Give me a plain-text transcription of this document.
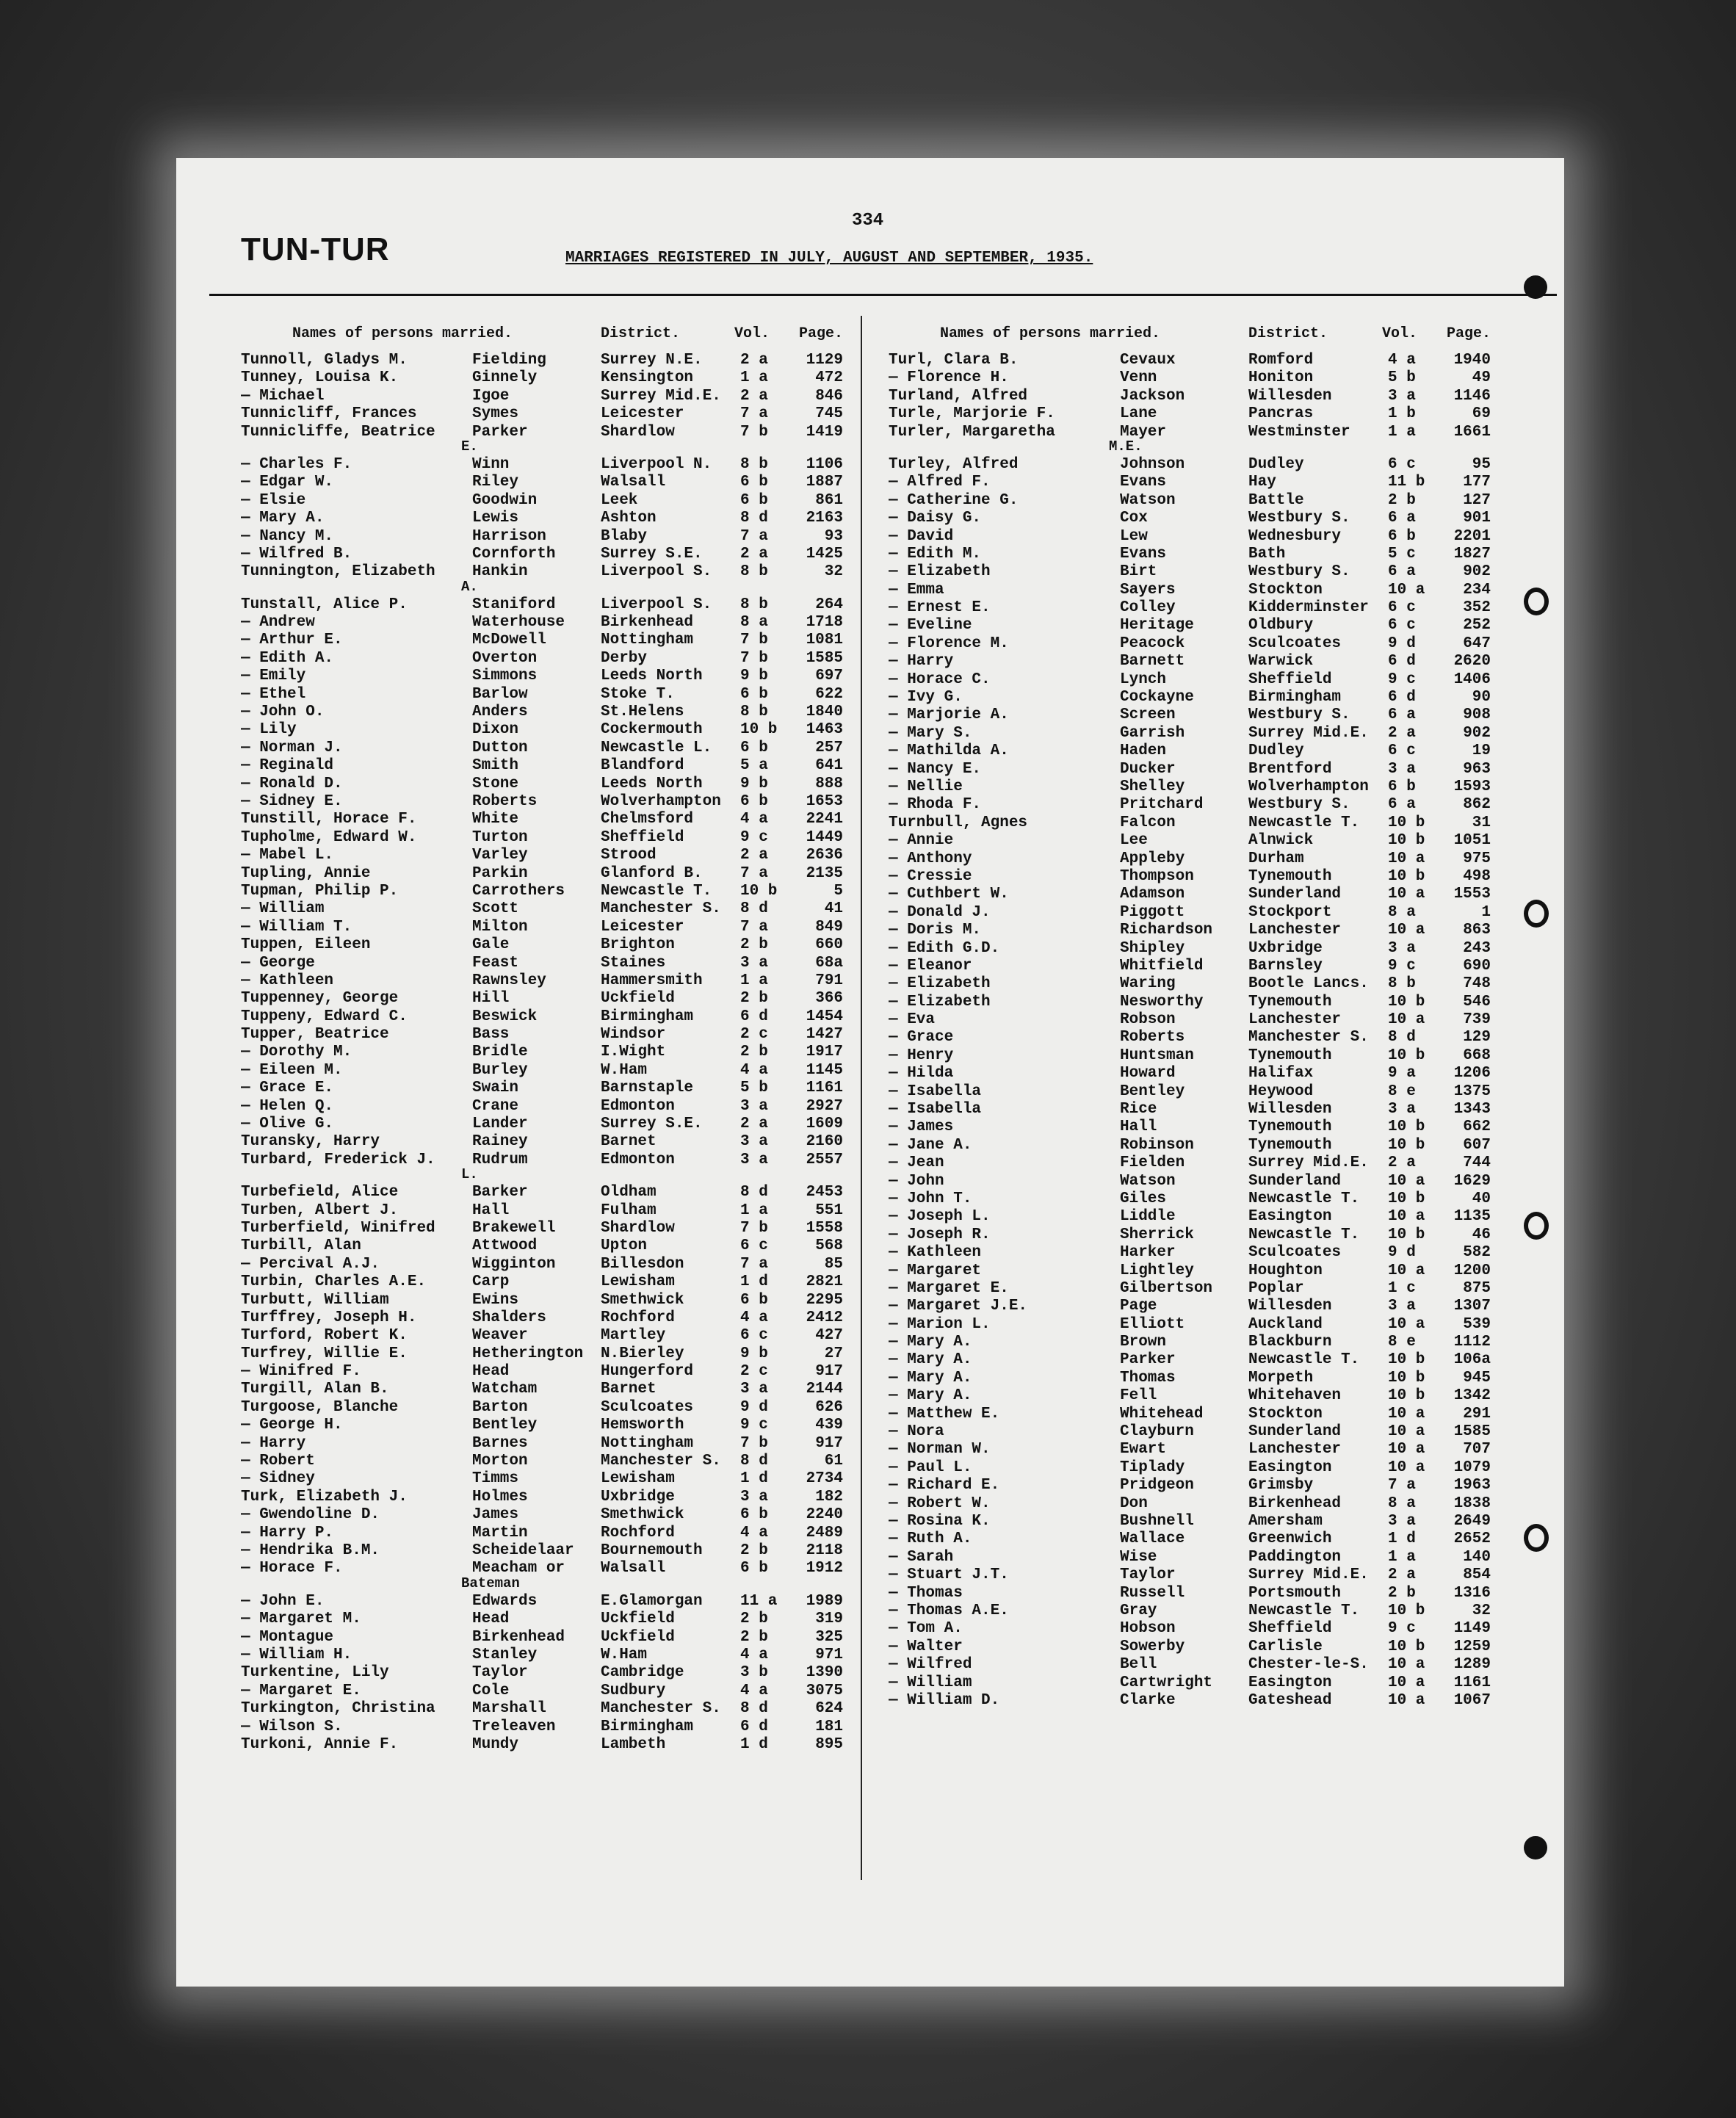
334
TUN-TUR	MARRIAGES REGISTERED IN JULY, AUGUST AND SEPTEMBER, 1935.
Names of persons married.	District.	Vol. Page.
Tunnoll, Gladys M.	Fielding	Surrey N.E.	2 a	1129
Tunney, Louisa K.	Ginnely	Kensington	1 a	472
— Michael	Igoe	Surrey Mid.E.	2 a	846
Tunnicliff, Frances	Symes	Leicester	7 a	745
Tunnicliffe, Beatrice	Parker	Shardlow	7 b	1419
E.
— Charles F.	Winn	Liverpool N.	8 b	1106
— Edgar W.	Riley	Walsall	6 b	1887
— Elsie	Goodwin	Leek	6 b	861
— Mary A.	Lewis	Ashton	8 d	2163
— Nancy M.	Harrison	Blaby	7 a	93
— Wilfred B.	Cornforth	Surrey S.E.	2 a	1425
Tunnington, Elizabeth	Hankin	Liverpool S.	8 b	32
A.
Tunstall, Alice P.	Staniford	Liverpool S.	8 b	264
— Andrew	Waterhouse	Birkenhead	8 a	1718
— Arthur E.	McDowell	Nottingham	7 b	1081
— Edith A.	Overton	Derby	7 b	1585
— Emily	Simmons	Leeds North	9 b	697
— Ethel	Barlow	Stoke T.	6 b	622
— John O.	Anders	St.Helens	8 b	1840
— Lily	Dixon	Cockermouth	10 b	1463
— Norman J.	Dutton	Newcastle L.	6 b	257
— Reginald	Smith	Blandford	5 a	641
— Ronald D.	Stone	Leeds North	9 b	888
— Sidney E.	Roberts	Wolverhampton	6 b	1653
Tunstill, Horace F.	White	Chelmsford	4 a	2241
Tupholme, Edward W.	Turton	Sheffield	9 c	1449
— Mabel L.	Varley	Strood	2 a	2636
Tupling, Annie	Parkin	Glanford B.	7 a	2135
Tupman, Philip P.	Carrothers	Newcastle T.	10 b	5
— William	Scott	Manchester S.	8 d	41
— William T.	Milton	Leicester	7 a	849
Tuppen, Eileen	Gale	Brighton	2 b	660
— George	Feast	Staines	3 a	68a
— Kathleen	Rawnsley	Hammersmith	1 a	791
Tuppenney, George	Hill	Uckfield	2 b	366
Tuppeny, Edward C.	Beswick	Birmingham	6 d	1454
Tupper, Beatrice	Bass	Windsor	2 c	1427
— Dorothy M.	Bridle	I.Wight	2 b	1917
— Eileen M.	Burley	W.Ham	4 a	1145
— Grace E.	Swain	Barnstaple	5 b	1161
— Helen Q.	Crane	Edmonton	3 a	2927
— Olive G.	Lander	Surrey S.E.	2 a	1609
Turansky, Harry	Rainey	Barnet	3 a	2160
Turbard, Frederick J.	Rudrum	Edmonton	3 a	2557
L.
Turbefield, Alice	Barker	Oldham	8 d	2453
Turben, Albert J.	Hall	Fulham	1 a	551
Turberfield, Winifred	Brakewell	Shardlow	7 b	1558
Turbill, Alan	Attwood	Upton	6 c	568
— Percival A.J.	Wigginton	Billesdon	7 a	85
Turbin, Charles A.E.	Carp	Lewisham	1 d	2821
Turbutt, William	Ewins	Smethwick	6 b	2295
Turffrey, Joseph H.	Shalders	Rochford	4 a	2412
Turford, Robert K.	Weaver	Martley	6 c	427
Turfrey, Willie E.	Hetherington	N.Bierley	9 b	27
— Winifred F.	Head	Hungerford	2 c	917
Turgill, Alan B.	Watcham	Barnet	3 a	2144
Turgoose, Blanche	Barton	Sculcoates	9 d	626
— George H.	Bentley	Hemsworth	9 c	439
— Harry	Barnes	Nottingham	7 b	917
— Robert	Morton	Manchester S.	8 d	61
— Sidney	Timms	Lewisham	1 d	2734
Turk, Elizabeth J.	Holmes	Uxbridge	3 a	182
— Gwendoline D.	James	Smethwick	6 b	2240
— Harry P.	Martin	Rochford	4 a	2489
— Hendrika B.M.	Scheidelaar	Bournemouth	2 b	2118
— Horace F.	Meacham or	Walsall	6 b	1912
Bateman
— John E.	Edwards	E.Glamorgan	11 a	1989
— Margaret M.	Head	Uckfield	2 b	319
— Montague	Birkenhead	Uckfield	2 b	325
— William H.	Stanley	W.Ham	4 a	971
Turkentine, Lily	Taylor	Cambridge	3 b	1390
— Margaret E.	Cole	Sudbury	4 a	3075
Turkington, Christina	Marshall	Manchester S.	8 d	624
— Wilson S.	Treleaven	Birmingham	6 d	181
Turkoni, Annie F.	Mundy	Lambeth	1 d	895
Names of persons married.	District.	Vol. Page.
Turl, Clara B.	Cevaux	Romford	4 a	1940
— Florence H.	Venn	Honiton	5 b	49
Turland, Alfred	Jackson	Willesden	3 a	1146
Turle, Marjorie F.	Lane	Pancras	1 b	69
Turler, Margaretha	Mayer	Westminster	1 a	1661
M.E.
Turley, Alfred	Johnson	Dudley	6 c	95
— Alfred F.	Evans	Hay	11 b	177
— Catherine G.	Watson	Battle	2 b	127
— Daisy G.	Cox	Westbury S.	6 a	901
— David	Lew	Wednesbury	6 b	2201
— Edith M.	Evans	Bath	5 c	1827
— Elizabeth	Birt	Westbury S.	6 a	902
— Emma	Sayers	Stockton	10 a	234
— Ernest E.	Colley	Kidderminster	6 c	352
— Eveline	Heritage	Oldbury	6 c	252
— Florence M.	Peacock	Sculcoates	9 d	647
— Harry	Barnett	Warwick	6 d	2620
— Horace C.	Lynch	Sheffield	9 c	1406
— Ivy G.	Cockayne	Birmingham	6 d	90
— Marjorie A.	Screen	Westbury S.	6 a	908
— Mary S.	Garrish	Surrey Mid.E.	2 a	902
— Mathilda A.	Haden	Dudley	6 c	19
— Nancy E.	Ducker	Brentford	3 a	963
— Nellie	Shelley	Wolverhampton	6 b	1593
— Rhoda F.	Pritchard	Westbury S.	6 a	862
Turnbull, Agnes	Falcon	Newcastle T.	10 b	31
— Annie	Lee	Alnwick	10 b	1051
— Anthony	Appleby	Durham	10 a	975
— Cressie	Thompson	Tynemouth	10 b	498
— Cuthbert W.	Adamson	Sunderland	10 a	1553
— Donald J.	Piggott	Stockport	8 a	1
— Doris M.	Richardson	Lanchester	10 a	863
— Edith G.D.	Shipley	Uxbridge	3 a	243
— Eleanor	Whitfield	Barnsley	9 c	690
— Elizabeth	Waring	Bootle Lancs.	8 b	748
— Elizabeth	Nesworthy	Tynemouth	10 b	546
— Eva	Robson	Lanchester	10 a	739
— Grace	Roberts	Manchester S.	8 d	129
— Henry	Huntsman	Tynemouth	10 b	668
— Hilda	Howard	Halifax	9 a	1206
— Isabella	Bentley	Heywood	8 e	1375
— Isabella	Rice	Willesden	3 a	1343
— James	Hall	Tynemouth	10 b	662
— Jane A.	Robinson	Tynemouth	10 b	607
— Jean	Fielden	Surrey Mid.E.	2 a	744
— John	Watson	Sunderland	10 a	1629
— John T.	Giles	Newcastle T.	10 b	40
— Joseph L.	Liddle	Easington	10 a	1135
— Joseph R.	Sherrick	Newcastle T.	10 b	46
— Kathleen	Harker	Sculcoates	9 d	582
— Margaret	Lightley	Houghton	10 a	1200
— Margaret E.	Gilbertson	Poplar	1 c	875
— Margaret J.E.	Page	Willesden	3 a	1307
— Marion L.	Elliott	Auckland	10 a	539
— Mary A.	Brown	Blackburn	8 e	1112
— Mary A.	Parker	Newcastle T.	10 b	106a
— Mary A.	Thomas	Morpeth	10 b	945
— Mary A.	Fell	Whitehaven	10 b	1342
— Matthew E.	Whitehead	Stockton	10 a	291
— Nora	Clayburn	Sunderland	10 a	1585
— Norman W.	Ewart	Lanchester	10 a	707
— Paul L.	Tiplady	Easington	10 a	1079
— Richard E.	Pridgeon	Grimsby	7 a	1963
— Robert W.	Don	Birkenhead	8 a	1838
— Rosina K.	Bushnell	Amersham	3 a	2649
— Ruth A.	Wallace	Greenwich	1 d	2652
— Sarah	Wise	Paddington	1 a	140
— Stuart J.T.	Taylor	Surrey Mid.E.	2 a	854
— Thomas	Russell	Portsmouth	2 b	1316
— Thomas A.E.	Gray	Newcastle T.	10 b	32
— Tom A.	Hobson	Sheffield	9 c	1149
— Walter	Sowerby	Carlisle	10 b	1259
— Wilfred	Bell	Chester-le-S.	10 a	1289
— William	Cartwright	Easington	10 a	1161
— William D.	Clarke	Gateshead	10 a	1067
